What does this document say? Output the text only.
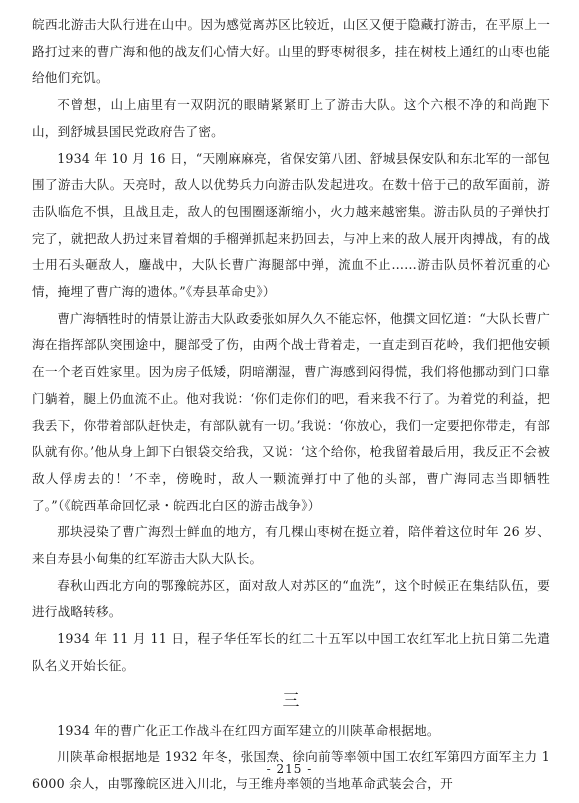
皖西北游击大队行进在山中。因为感觉离苏区比较近，山区又便于隐藏打游击，在平原上一路打过来的曹广海和他的战友们心情大好。山里的野枣树很多，挂在树枝上通红的山枣也能给他们充饥。

不曾想，山上庙里有一双阴沉的眼睛紧紧盯上了游击大队。这个六根不净的和尚跑下山，到舒城县国民党政府告了密。

1934 年 10 月 16 日，“天刚麻麻亮，省保安第八团、舒城县保安队和东北军的一部包围了游击大队。天亮时，敌人以优势兵力向游击队发起进攻。在数十倍于己的敌军面前，游击队临危不惧，且战且走，敌人的包围圈逐渐缩小，火力越来越密集。游击队员的子弹快打完了，就把敌人扔过来冒着烟的手榴弹抓起来扔回去，与冲上来的敌人展开肉搏战，有的战士用石头砸敌人，鏖战中，大队长曹广海腿部中弹，流血不止……游击队员怀着沉重的心情，掩埋了曹广海的遗体。”《寿县革命史》）

曹广海牺牲时的情景让游击大队政委张如屏久久不能忘怀，他撰文回忆道：“大队长曹广海在指挥部队突围途中，腿部受了伤，由两个战士背着走，一直走到百花岭，我们把他安顿在一个老百姓家里。因为房子低矮，阴暗潮湿，曹广海感到闷得慌，我们将他挪动到门口靠门躺着，腿上仍血流不止。他对我说：‘你们走你们的吧，看来我不行了。为着党的利益，把我丢下，你带着部队赶快走，有部队就有一切。’我说：‘你放心，我们一定要把你带走，有部队就有你。’他从身上卸下白银袋交给我，又说：‘这个给你，枪我留着最后用，我反正不会被敌人俘虏去的！’不幸，傍晚时，敌人一颗流弹打中了他的头部，曹广海同志当即牺牲了。”（《皖西革命回忆录・皖西北白区的游击战争》）

那块浸染了曹广海烈士鲜血的地方，有几棵山枣树在挺立着，陪伴着这位时年 26 岁、来自寿县小甸集的红军游击大队大队长。

春秋山西北方向的鄂豫皖苏区，面对敌人对苏区的“血洗”，这个时候正在集结队伍，要进行战略转移。

1934 年 11 月 11 日，程子华任军长的红二十五军以中国工农红军北上抗日第二先遣队名义开始长征。

三

1934 年的曹广化正工作战斗在红四方面军建立的川陕革命根据地。

川陕革命根据地是 1932 年冬，张国焘、徐向前等率领中国工农红军第四方面军主力 16000 余人，由鄂豫皖区进入川北，与王维舟率领的当地革命武装会合，开

- 215 -
